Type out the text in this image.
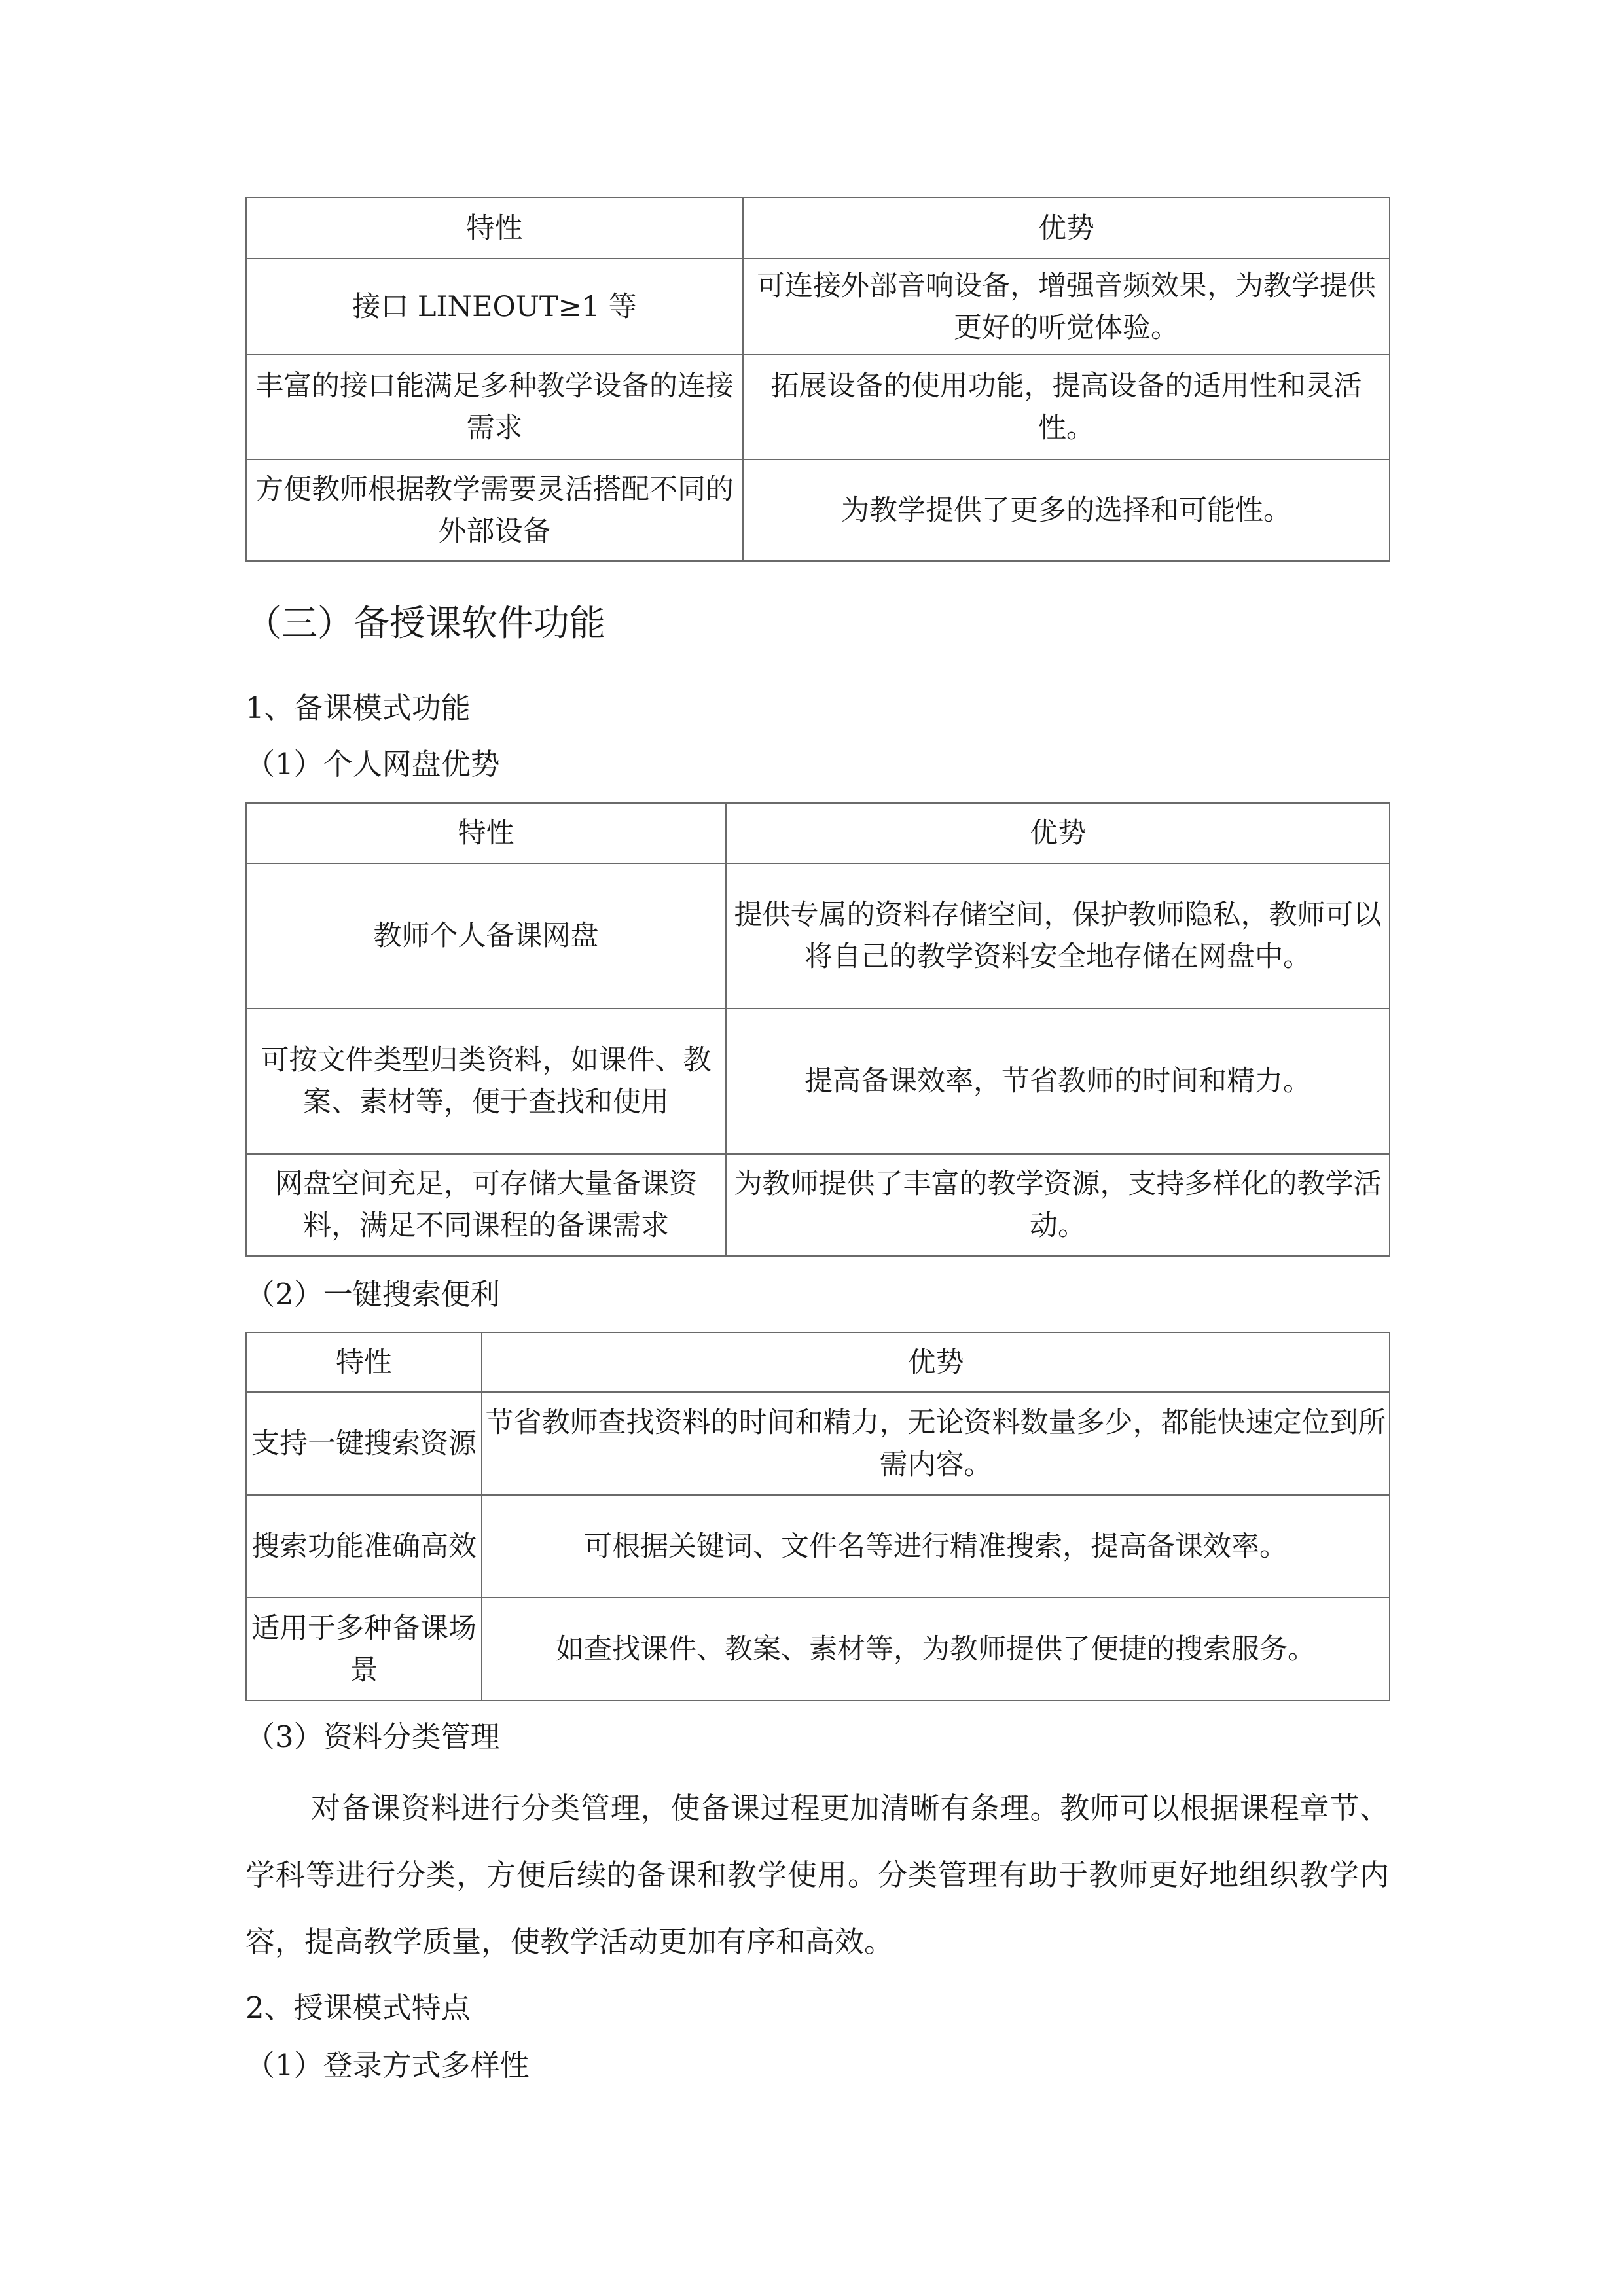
特性	优势
接口 LINEOUT≥1 等	可连接外部音响设备，增强音频效果，为教学提供更好的听觉体验。
丰富的接口能满足多种教学设备的连接需求	拓展设备的使用功能，提高设备的适用性和灵活性。
方便教师根据教学需要灵活搭配不同的外部设备	为教学提供了更多的选择和可能性。
（三）备授课软件功能
1、备课模式功能
（1）个人网盘优势
特性	优势
教师个人备课网盘	提供专属的资料存储空间，保护教师隐私，教师可以将自己的教学资料安全地存储在网盘中。
可按文件类型归类资料，如课件、教案、素材等，便于查找和使用	提高备课效率，节省教师的时间和精力。
网盘空间充足，可存储大量备课资料，满足不同课程的备课需求	为教师提供了丰富的教学资源，支持多样化的教学活动。
（2）一键搜索便利
特性	优势
支持一键搜索资源	节省教师查找资料的时间和精力，无论资料数量多少，都能快速定位到所需内容。
搜索功能准确高效	可根据关键词、文件名等进行精准搜索，提高备课效率。
适用于多种备课场景	如查找课件、教案、素材等，为教师提供了便捷的搜索服务。
（3）资料分类管理

对备课资料进行分类管理，使备课过程更加清晰有条理。教师可以根据课程章节、学科等进行分类，方便后续的备课和教学使用。分类管理有助于教师更好地组织教学内容，提高教学质量，使教学活动更加有序和高效。

2、授课模式特点
（1）登录方式多样性
